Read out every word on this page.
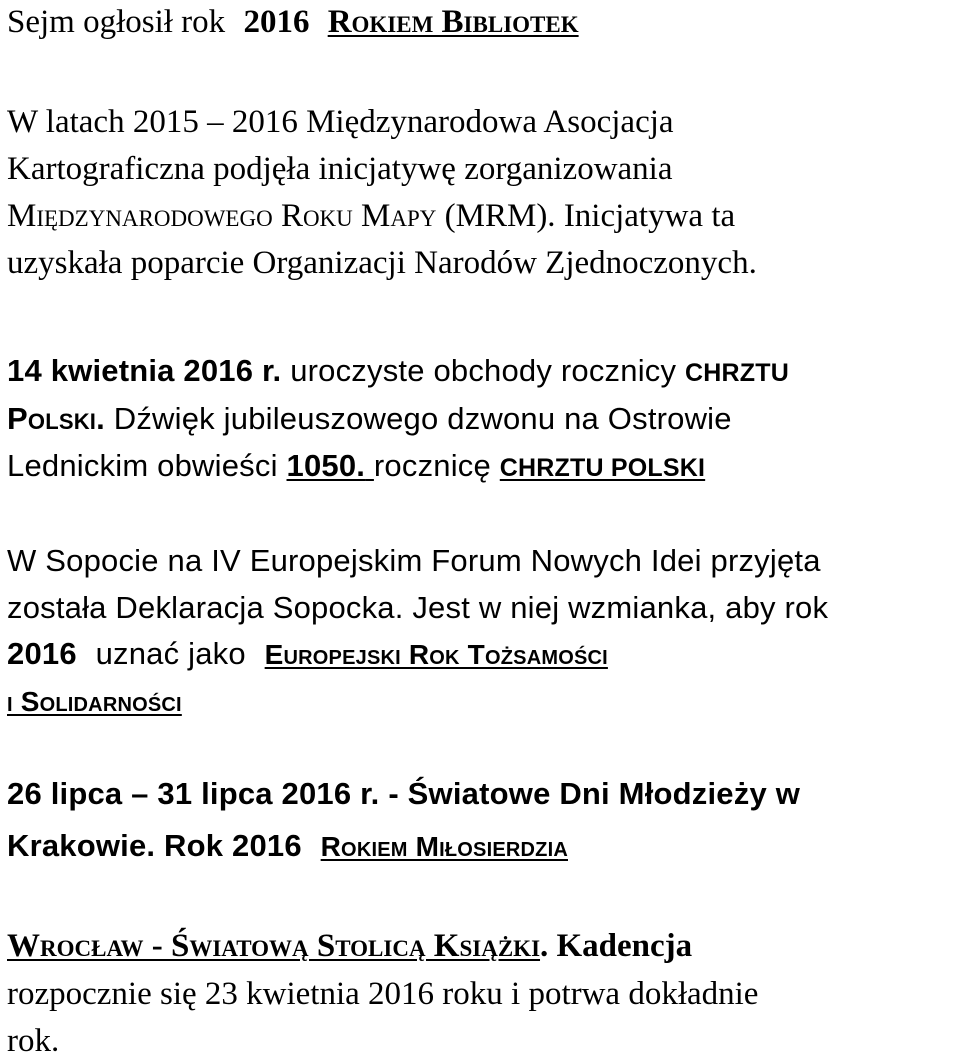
Sejm ogłosił rok 2016 Rokiem Bibliotek
W latach 2015 – 2016 Międzynarodowa Asocjacja
Kartograficzna podjęła inicjatywę zorganizowania
Międzynarodowego Roku Mapy (MRM). Inicjatywa ta
uzyskała poparcie Organizacji Narodów Zjednoczonych.
14 kwietnia 2016 r. uroczyste obchody rocznicy CHRZTU
Polski. Dźwięk jubileuszowego dzwonu na Ostrowie
Lednickim obwieści 1050. rocznicę CHRZTU POLSKI
W Sopocie na IV Europejskim Forum Nowych Idei przyjęta
została Deklaracja Sopocka. Jest w niej wzmianka, aby rok
2016 uznać jako Europejski Rok Tożsamości
i Solidarności
26 lipca – 31 lipca 2016 r. - Światowe Dni Młodzieży w
Krakowie. Rok 2016 Rokiem Miłosierdzia
Wrocław - Światową Stolicą Książki. Kadencja
rozpocznie się 23 kwietnia 2016 roku i potrwa dokładnie
rok.
